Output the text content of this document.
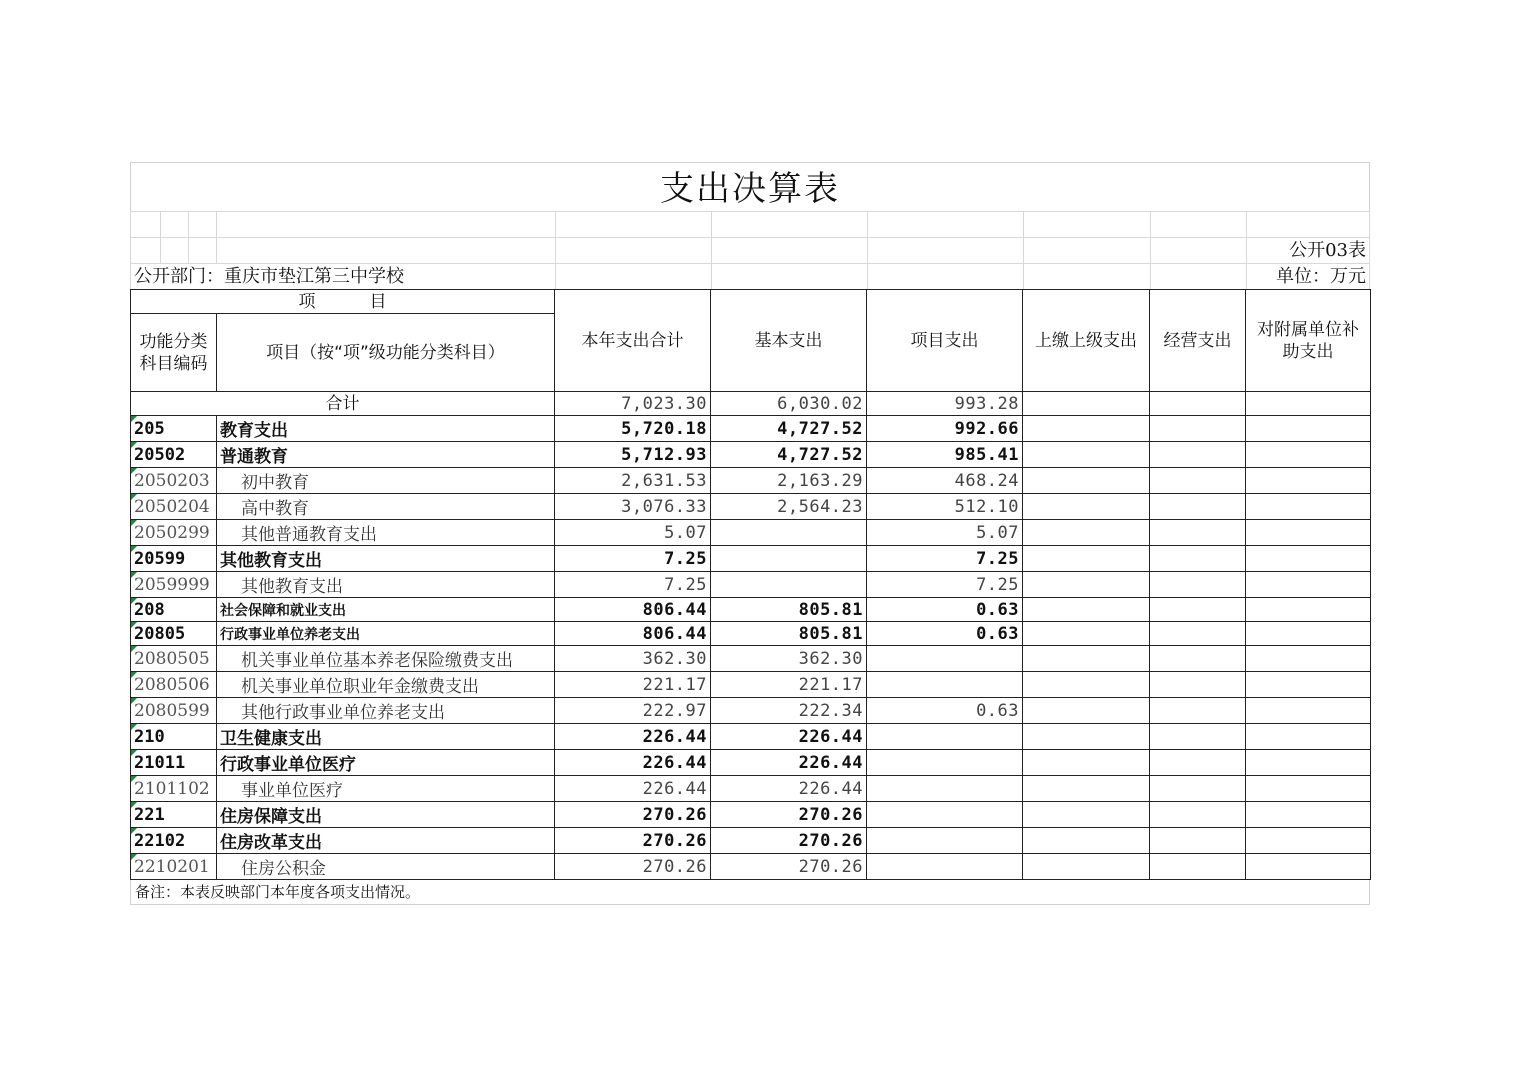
支出决算表
公开03表
公开部门：重庆市垫江第三中学校	单位：万元
项          目		本年支出合计	基本支出	项目支出	上缴上级支出	经营支出	对附属单位补助支出
功能分类科目编码	项目（按“项”级功能分类科目）						
合计		7,023.30	6,030.02	993.28			
205	教育支出	5,720.18	4,727.52	992.66			
20502	普通教育	5,712.93	4,727.52	985.41			
2050203	初中教育	2,631.53	2,163.29	468.24			
2050204	高中教育	3,076.33	2,564.23	512.10			
2050299	其他普通教育支出	5.07		5.07			
20599	其他教育支出	7.25		7.25			
2059999	其他教育支出	7.25		7.25			
208	社会保障和就业支出	806.44	805.81	0.63			
20805	行政事业单位养老支出	806.44	805.81	0.63			
2080505	机关事业单位基本养老保险缴费支出	362.30	362.30				
2080506	机关事业单位职业年金缴费支出	221.17	221.17				
2080599	其他行政事业单位养老支出	222.97	222.34	0.63			
210	卫生健康支出	226.44	226.44				
21011	行政事业单位医疗	226.44	226.44				
2101102	事业单位医疗	226.44	226.44				
221	住房保障支出	270.26	270.26				
22102	住房改革支出	270.26	270.26				
2210201	住房公积金	270.26	270.26				
备注：本表反映部门本年度各项支出情况。
